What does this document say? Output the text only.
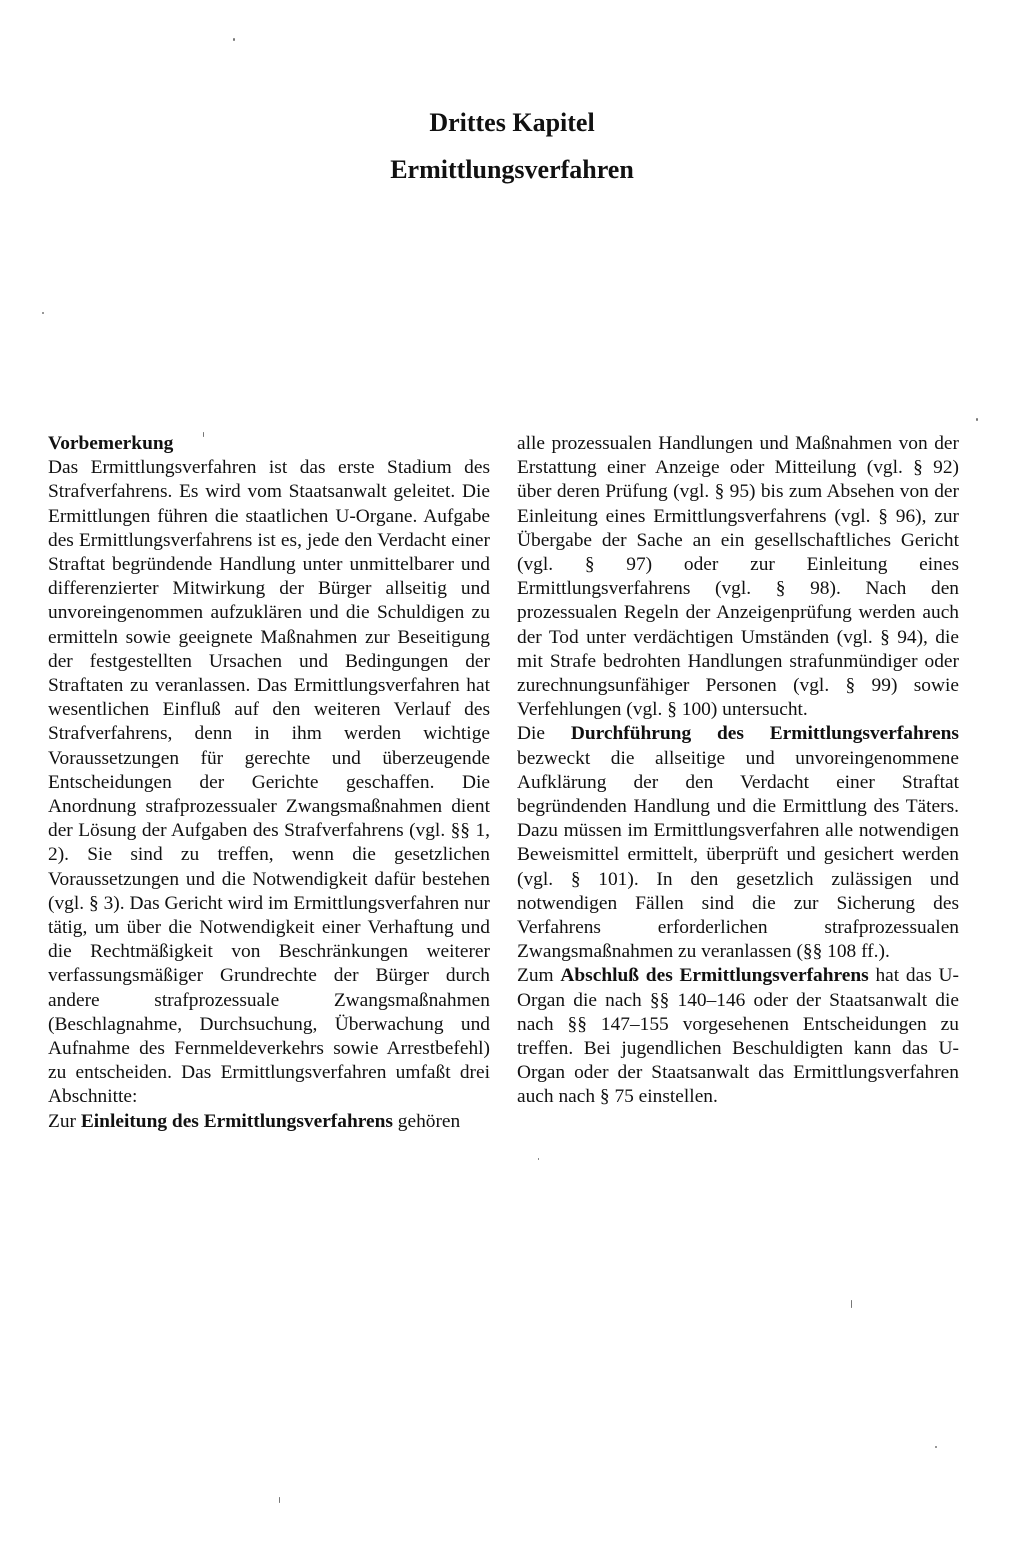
Drittes Kapitel
Ermittlungsverfahren
Vorbemerkung

Das Ermittlungsverfahren ist das erste Stadium des Strafverfahrens. Es wird vom Staatsanwalt geleitet. Die Ermittlungen führen die staatlichen U-Organe. Aufgabe des Ermittlungsverfahrens ist es, jede den Verdacht einer Straftat begründende Handlung unter unmittelbarer und differenzierter Mitwirkung der Bürger allseitig und unvoreingenommen aufzuklären und die Schuldigen zu ermitteln sowie geeignete Maßnahmen zur Beseitigung der festgestellten Ursachen und Bedingungen der Straftaten zu veranlassen. Das Ermittlungsverfahren hat wesentlichen Einfluß auf den weiteren Verlauf des Strafverfahrens, denn in ihm werden wichtige Voraussetzungen für gerechte und überzeugende Entscheidungen der Gerichte geschaffen. Die Anordnung strafprozessualer Zwangsmaßnahmen dient der Lösung der Aufgaben des Strafverfahrens (vgl. §§ 1, 2). Sie sind zu treffen, wenn die gesetzlichen Voraussetzungen und die Notwendigkeit dafür bestehen (vgl. § 3). Das Gericht wird im Ermittlungsverfahren nur tätig, um über die Notwendigkeit einer Verhaftung und die Rechtmäßigkeit von Beschränkungen weiterer verfassungsmäßiger Grundrechte der Bürger durch andere strafprozessuale Zwangsmaßnahmen (Beschlagnahme, Durchsuchung, Überwachung und Aufnahme des Fernmeldeverkehrs sowie Arrestbefehl) zu entscheiden. Das Ermittlungsverfahren umfaßt drei Abschnitte:

Zur Einleitung des Ermittlungsverfahrens gehören

alle prozessualen Handlungen und Maßnahmen von der Erstattung einer Anzeige oder Mitteilung (vgl. § 92) über deren Prüfung (vgl. § 95) bis zum Absehen von der Einleitung eines Ermittlungsverfahrens (vgl. § 96), zur Übergabe der Sache an ein gesellschaftliches Gericht (vgl. § 97) oder zur Einleitung eines Ermittlungsverfahrens (vgl. § 98). Nach den prozessualen Regeln der Anzeigenprüfung werden auch der Tod unter verdächtigen Umständen (vgl. § 94), die mit Strafe bedrohten Handlungen strafunmündiger oder zurechnungsunfähiger Personen (vgl. § 99) sowie Verfehlungen (vgl. § 100) untersucht.

Die Durchführung des Ermittlungsverfahrens bezweckt die allseitige und unvoreingenommene Aufklärung der den Verdacht einer Straftat begründenden Handlung und die Ermittlung des Täters. Dazu müssen im Ermittlungsverfahren alle notwendigen Beweismittel ermittelt, überprüft und gesichert werden (vgl. § 101). In den gesetzlich zulässigen und notwendigen Fällen sind die zur Sicherung des Verfahrens erforderlichen strafprozessualen Zwangsmaßnahmen zu veranlassen (§§ 108 ff.).

Zum Abschluß des Ermittlungsverfahrens hat das U-Organ die nach §§ 140–146 oder der Staatsanwalt die nach §§ 147–155 vorgesehenen Entscheidungen zu treffen. Bei jugendlichen Beschuldigten kann das U-Organ oder der Staatsanwalt das Ermittlungsverfahren auch nach § 75 einstellen.
